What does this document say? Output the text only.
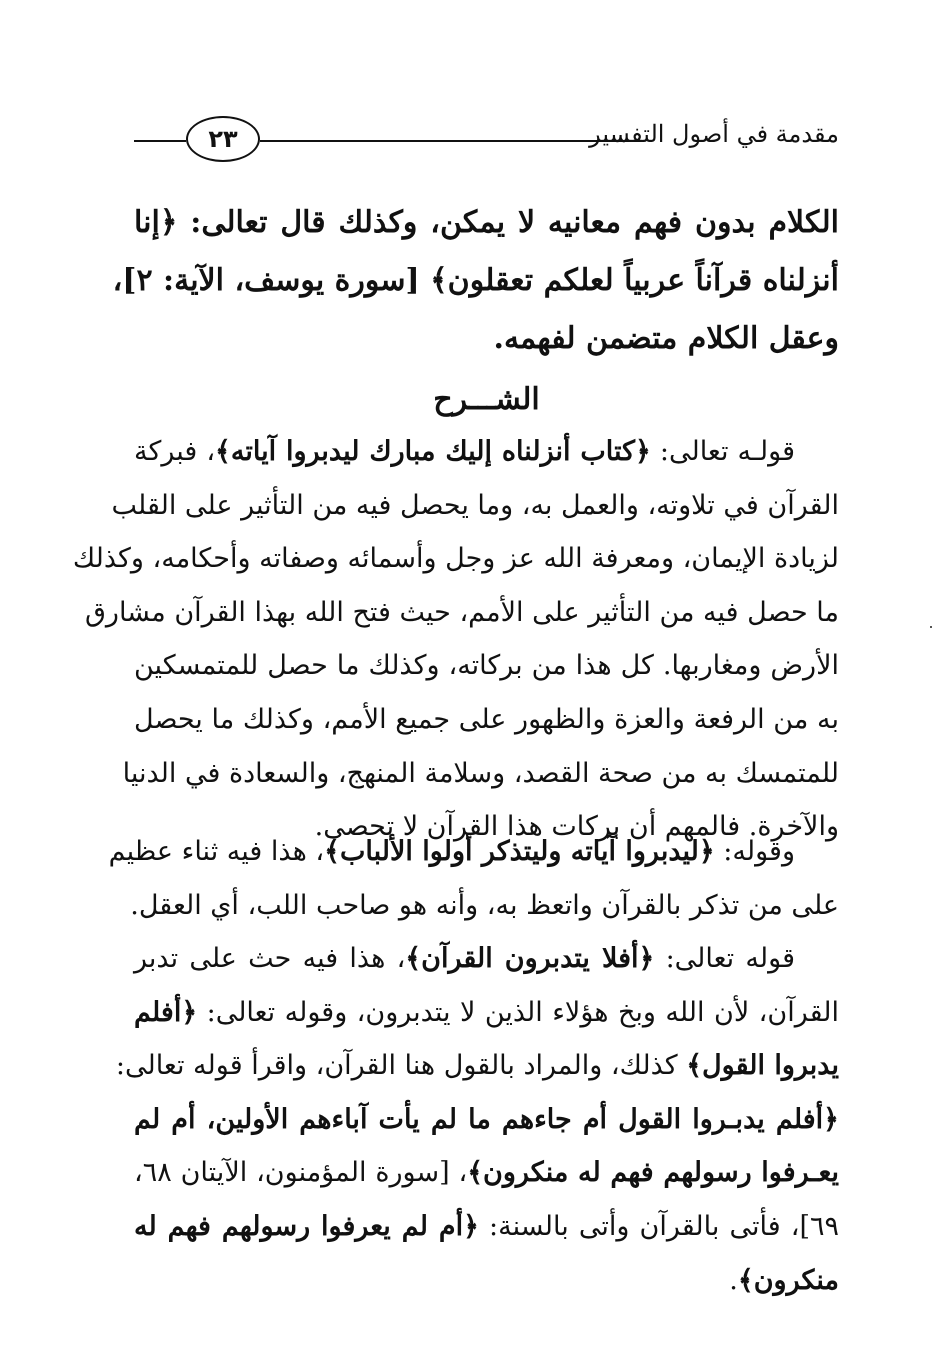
٢٣	مقدمة في أصول التفسير
الكلام بدون فهم معانيه لا يمكن، وكذلك قال تعالى: ﴿إنا
أنزلناه قرآناً عربياً لعلكم تعقلون﴾ [سورة يوسف، الآية: ٢]،
وعقل الكلام متضمن لفهمه.
الشـــرح
قولـه تعالى: ﴿كتاب أنزلناه إليك مبارك ليدبروا آياته﴾، فبركة
القرآن في تلاوته، والعمل به، وما يحصل فيه من التأثير على القلب
لزيادة الإيمان، ومعرفة الله عز وجل وأسمائه وصفاته وأحكامه، وكذلك
ما حصل فيه من التأثير على الأمم، حيث فتح الله بهذا القرآن مشارق
الأرض ومغاربها. كل هذا من بركاته، وكذلك ما حصل للمتمسكين
به من الرفعة والعزة والظهور على جميع الأمم، وكذلك ما يحصل
للمتمسك به من صحة القصد، وسلامة المنهج، والسعادة في الدنيا
والآخرة. فالمهم أن بركات هذا القرآن لا تحصى.
وقوله: ﴿ليدبروا آياته وليتذكر أولوا الألباب﴾، هذا فيه ثناء عظيم
على من تذكر بالقرآن واتعظ به، وأنه هو صاحب اللب، أي العقل.
قوله تعالى: ﴿أفلا يتدبرون القرآن﴾، هذا فيه حث على تدبر
القرآن، لأن الله وبخ هؤلاء الذين لا يتدبرون، وقوله تعالى: ﴿أفلم
يدبروا القول﴾ كذلك، والمراد بالقول هنا القرآن، واقرأ قوله تعالى:
﴿أفلم يدبـروا القول أم جاءهم ما لم يأت آباءهم الأولين، أم لم
يعـرفوا رسولهم فهم له منكرون﴾، [سورة المؤمنون، الآيتان ٦٨،
٦٩]، فأتى بالقرآن وأتى بالسنة: ﴿أم لم يعرفوا رسولهم فهم له
منكرون﴾.
